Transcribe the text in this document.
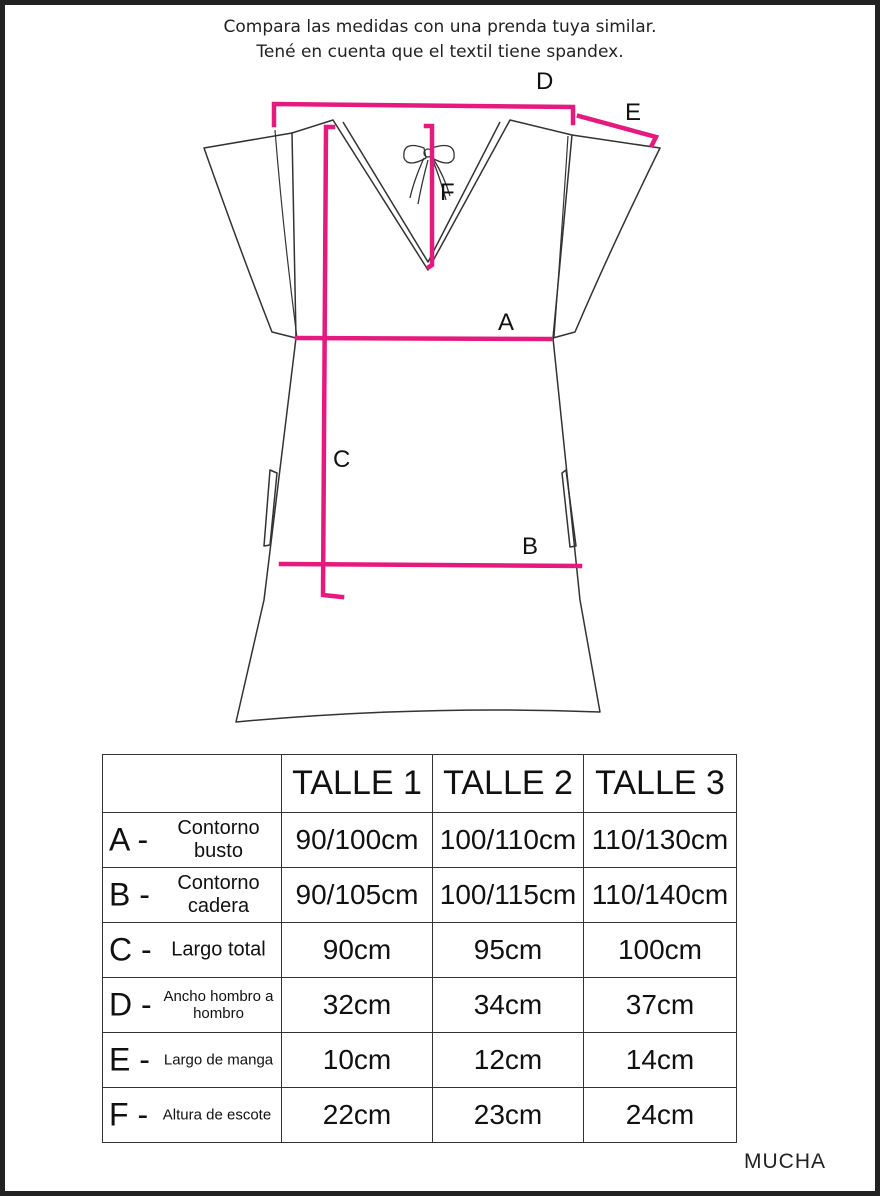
Compara las medidas con una prenda tuya similar.
Tené en cuenta que el textil tiene spandex.
D
E
F
A
C
B
	TALLE 1	TALLE 2	TALLE 3

A - Contorno busto	90/100cm	100/110cm	110/130cm

B - Contorno cadera	90/105cm	100/115cm	110/140cm

C - Largo total	90cm	95cm	100cm

D - Ancho hombro a hombro	32cm	34cm	37cm

E - Largo de manga	10cm	12cm	14cm

F - Altura de escote	22cm	23cm	24cm
MUCHA
